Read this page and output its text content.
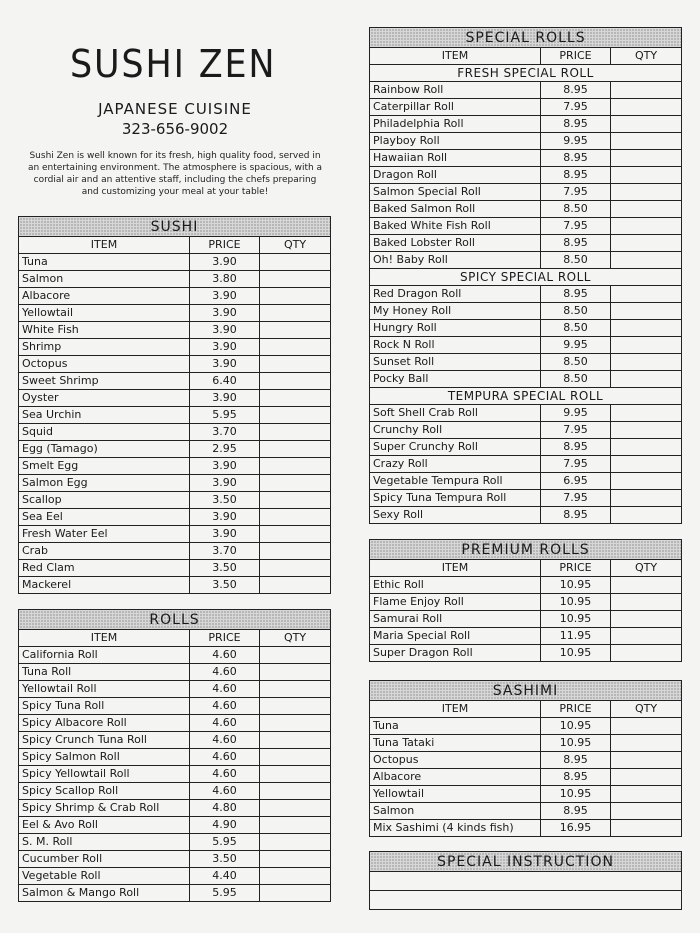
SUSHI ZEN
JAPANESE CUISINE
323-656-9002
Sushi Zen is well known for its fresh, high quality food, served in an entertaining environment. The atmosphere is spacious, with a cordial air and an attentive staff, including the chefs preparing and customizing your meal at your table!
SUSHI		
ITEM	PRICE	QTY
Tuna	3.90	
Salmon	3.80	
Albacore	3.90	
Yellowtail	3.90	
White Fish	3.90	
Shrimp	3.90	
Octopus	3.90	
Sweet Shrimp	6.40	
Oyster	3.90	
Sea Urchin	5.95	
Squid	3.70	
Egg (Tamago)	2.95	
Smelt Egg	3.90	
Salmon Egg	3.90	
Scallop	3.50	
Sea Eel	3.90	
Fresh Water Eel	3.90	
Crab	3.70	
Red Clam	3.50	
Mackerel	3.50	
ROLLS		
ITEM	PRICE	QTY
California Roll	4.60	
Tuna Roll	4.60	
Yellowtail Roll	4.60	
Spicy Tuna Roll	4.60	
Spicy Albacore Roll	4.60	
Spicy Crunch Tuna Roll	4.60	
Spicy Salmon Roll	4.60	
Spicy Yellowtail Roll	4.60	
Spicy Scallop Roll	4.60	
Spicy Shrimp & Crab Roll	4.80	
Eel & Avo Roll	4.90	
S. M. Roll	5.95	
Cucumber Roll	3.50	
Vegetable Roll	4.40	
Salmon & Mango Roll	5.95	
SPECIAL ROLLS		
ITEM	PRICE	QTY
FRESH SPECIAL ROLL		
Rainbow Roll	8.95	
Caterpillar Roll	7.95	
Philadelphia Roll	8.95	
Playboy Roll	9.95	
Hawaiian Roll	8.95	
Dragon Roll	8.95	
Salmon Special Roll	7.95	
Baked Salmon Roll	8.50	
Baked White Fish Roll	7.95	
Baked Lobster Roll	8.95	
Oh! Baby Roll	8.50	
SPICY SPECIAL ROLL		
Red Dragon Roll	8.95	
My Honey Roll	8.50	
Hungry Roll	8.50	
Rock N Roll	9.95	
Sunset Roll	8.50	
Pocky Ball	8.50	
TEMPURA SPECIAL ROLL		
Soft Shell Crab Roll	9.95	
Crunchy Roll	7.95	
Super Crunchy Roll	8.95	
Crazy Roll	7.95	
Vegetable Tempura Roll	6.95	
Spicy Tuna Tempura Roll	7.95	
Sexy Roll	8.95	
PREMIUM ROLLS		
ITEM	PRICE	QTY
Ethic Roll	10.95	
Flame Enjoy Roll	10.95	
Samurai Roll	10.95	
Maria Special Roll	11.95	
Super Dragon Roll	10.95	
SASHIMI		
ITEM	PRICE	QTY
Tuna	10.95	
Tuna Tataki	10.95	
Octopus	8.95	
Albacore	8.95	
Yellowtail	10.95	
Salmon	8.95	
Mix Sashimi (4 kinds fish)	16.95	
SPECIAL INSTRUCTION
